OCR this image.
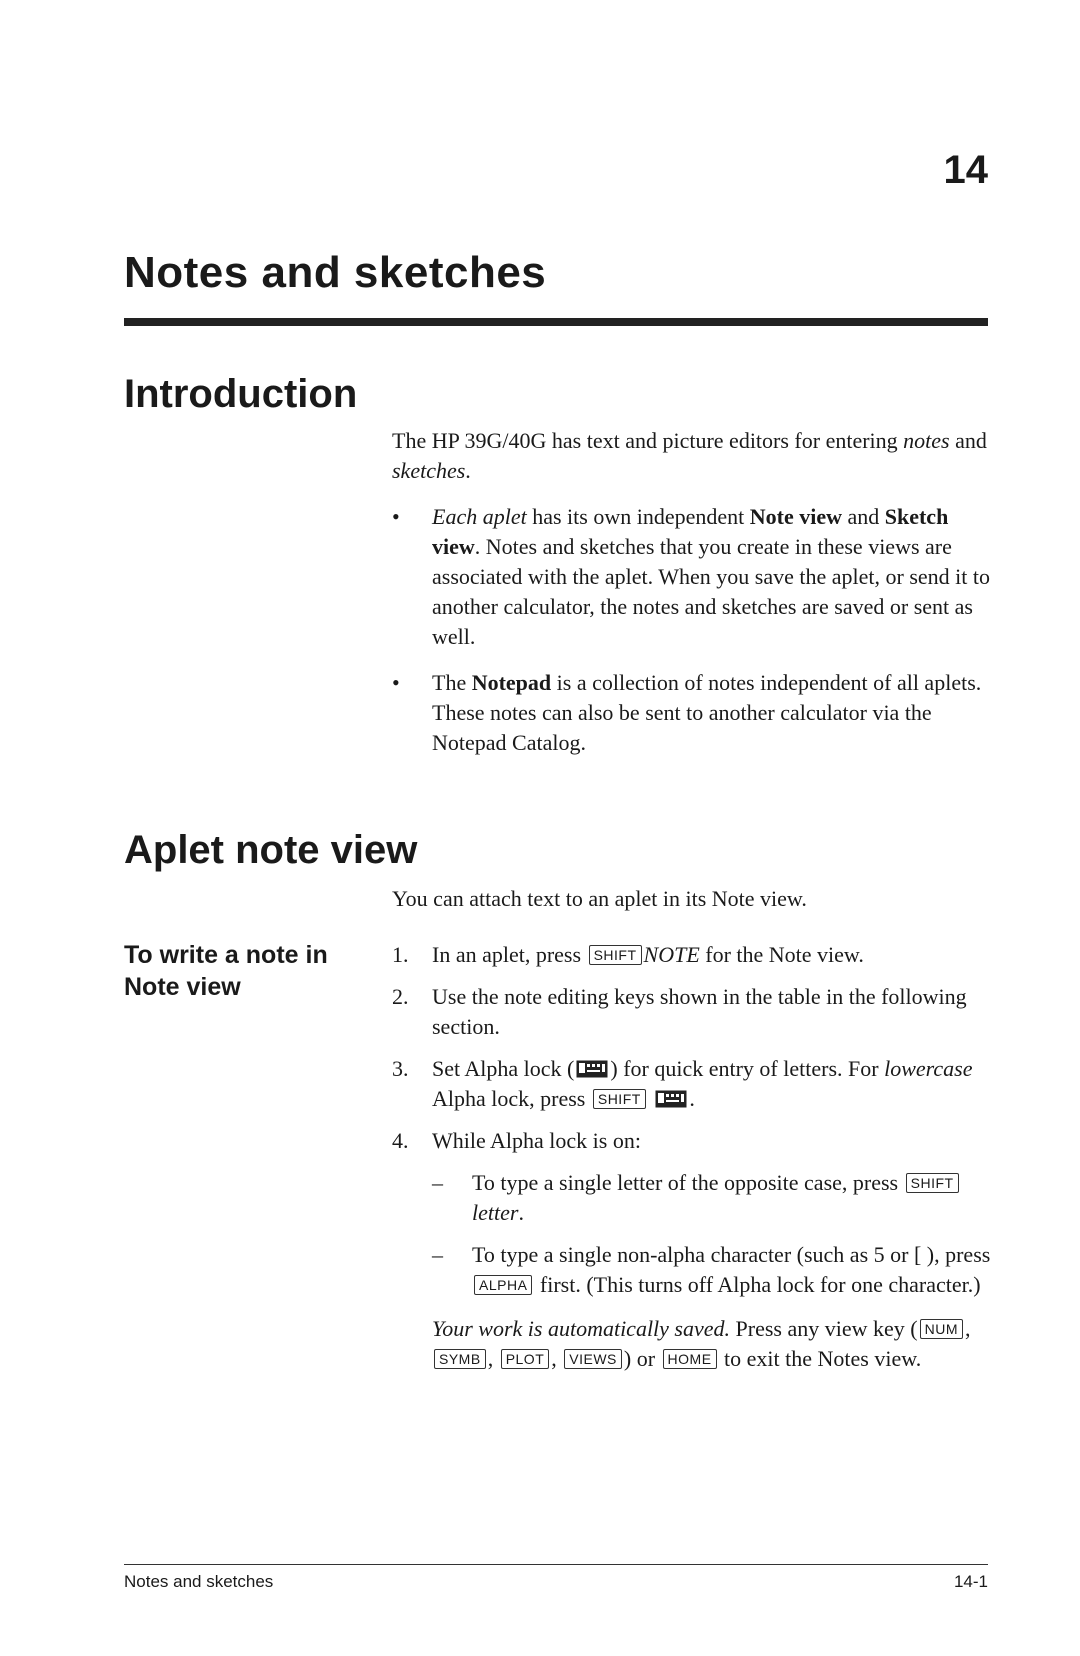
14
Notes and sketches
Introduction

The HP 39G/40G has text and picture editors for entering notes and sketches.

• Each aplet has its own independent Note view and Sketch view. Notes and sketches that you create in these views are associated with the aplet. When you save the aplet, or send it to another calculator, the notes and sketches are saved or sent as well.
• The Notepad is a collection of notes independent of all aplets. These notes can also be sent to another calculator via the Notepad Catalog.
Aplet note view
You can attach text to an aplet in its Note view.
To write a note in Note view
1. In an aplet, press SHIFT NOTE for the Note view.
2. Use the note editing keys shown in the table in the following section.
3. Set Alpha lock ( ) for quick entry of letters. For lowercase Alpha lock, press SHIFT .
4. While Alpha lock is on:
– To type a single letter of the opposite case, press SHIFTletter.
– To type a single non-alpha character (such as 5 or [ ), press ALPHA first. (This turns off Alpha lock for one character.)
Your work is automatically saved. Press any view key ( NUM , SYMB , PLOT , VIEWS ) or HOME to exit the Notes view.
Notes and sketches	14-1
